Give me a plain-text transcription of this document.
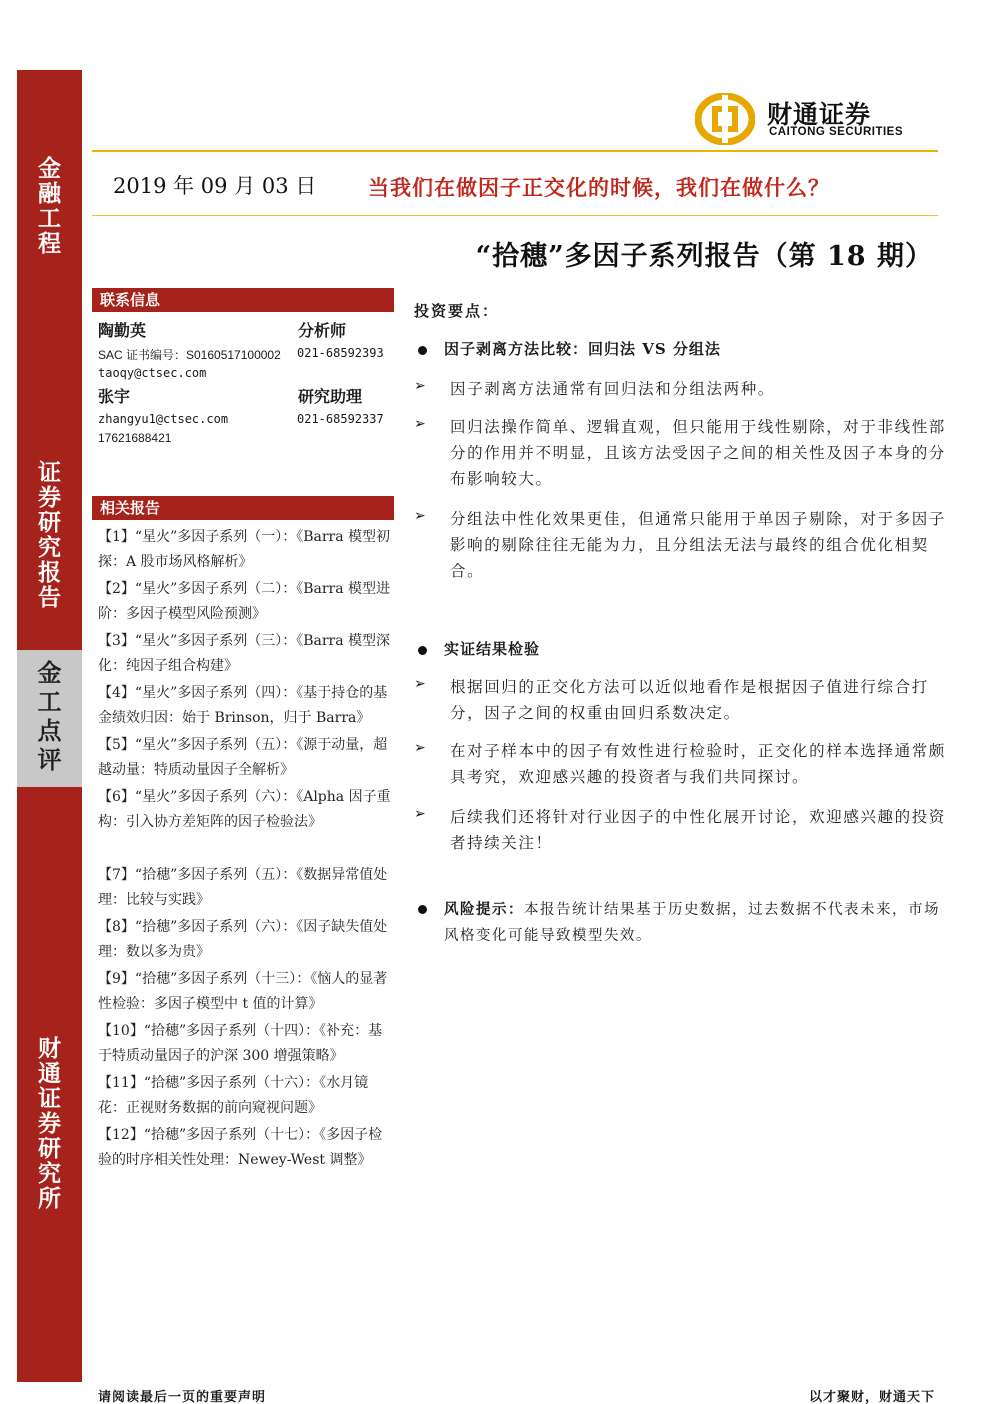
金
融
工
程
证
券
研
究
报
告
金
工
点
评
财
通
证
券
研
究
所
财通证券
CAITONG SECURITIES
2019 年 09 月 03 日 当我们在做因子正交化的时候，我们在做什么？
“拾穗”多因子系列报告（第 18 期）
联系信息
陶勤英	分析师
SAC 证书编号：S0160517100002 021-68592393
taoqy@ctsec.com
张宇	研究助理
zhangyu1@ctsec.com	021-68592337
17621688421
相关报告
【1】“星火”多因子系列（一）：《Barra 模型初探：A 股市场风格解析》
【2】“星火”多因子系列（二）：《Barra 模型进阶：多因子模型风险预测》
【3】“星火”多因子系列（三）：《Barra 模型深化：纯因子组合构建》
【4】“星火”多因子系列（四）：《基于持仓的基金绩效归因：始于 Brinson，归于 Barra》
【5】“星火”多因子系列（五）：《源于动量，超越动量：特质动量因子全解析》
【6】“星火”多因子系列（六）：《Alpha 因子重构：引入协方差矩阵的因子检验法》
【7】“拾穗”多因子系列（五）：《数据异常值处理：比较与实践》
【8】“拾穗”多因子系列（六）：《因子缺失值处理：数以多为贵》
【9】“拾穗”多因子系列（十三）：《恼人的显著性检验：多因子模型中 t 值的计算》
【10】“拾穗”多因子系列（十四）：《补充：基于特质动量因子的沪深 300 增强策略》
【11】“拾穗”多因子系列（十六）：《水月镜花：正视财务数据的前向窥视问题》
【12】“拾穗”多因子系列（十七）：《多因子检验的时序相关性处理：Newey-West 调整》
投资要点：
因子剥离方法比较：回归法 VS 分组法
➢ 因子剥离方法通常有回归法和分组法两种。
➢ 回归法操作简单、逻辑直观，但只能用于线性剔除，对于非线性部分的作用并不明显，且该方法受因子之间的相关性及因子本身的分布影响较大。
➢ 分组法中性化效果更佳，但通常只能用于单因子剔除，对于多因子影响的剔除往往无能为力，且分组法无法与最终的组合优化相契合。
实证结果检验
➢ 根据回归的正交化方法可以近似地看作是根据因子值进行综合打分，因子之间的权重由回归系数决定。
➢ 在对子样本中的因子有效性进行检验时，正交化的样本选择通常颇具考究，欢迎感兴趣的投资者与我们共同探讨。
➢ 后续我们还将针对行业因子的中性化展开讨论，欢迎感兴趣的投资者持续关注！
风险提示：本报告统计结果基于历史数据，过去数据不代表未来，市场风格变化可能导致模型失效。
请阅读最后一页的重要声明	以才聚财，财通天下
